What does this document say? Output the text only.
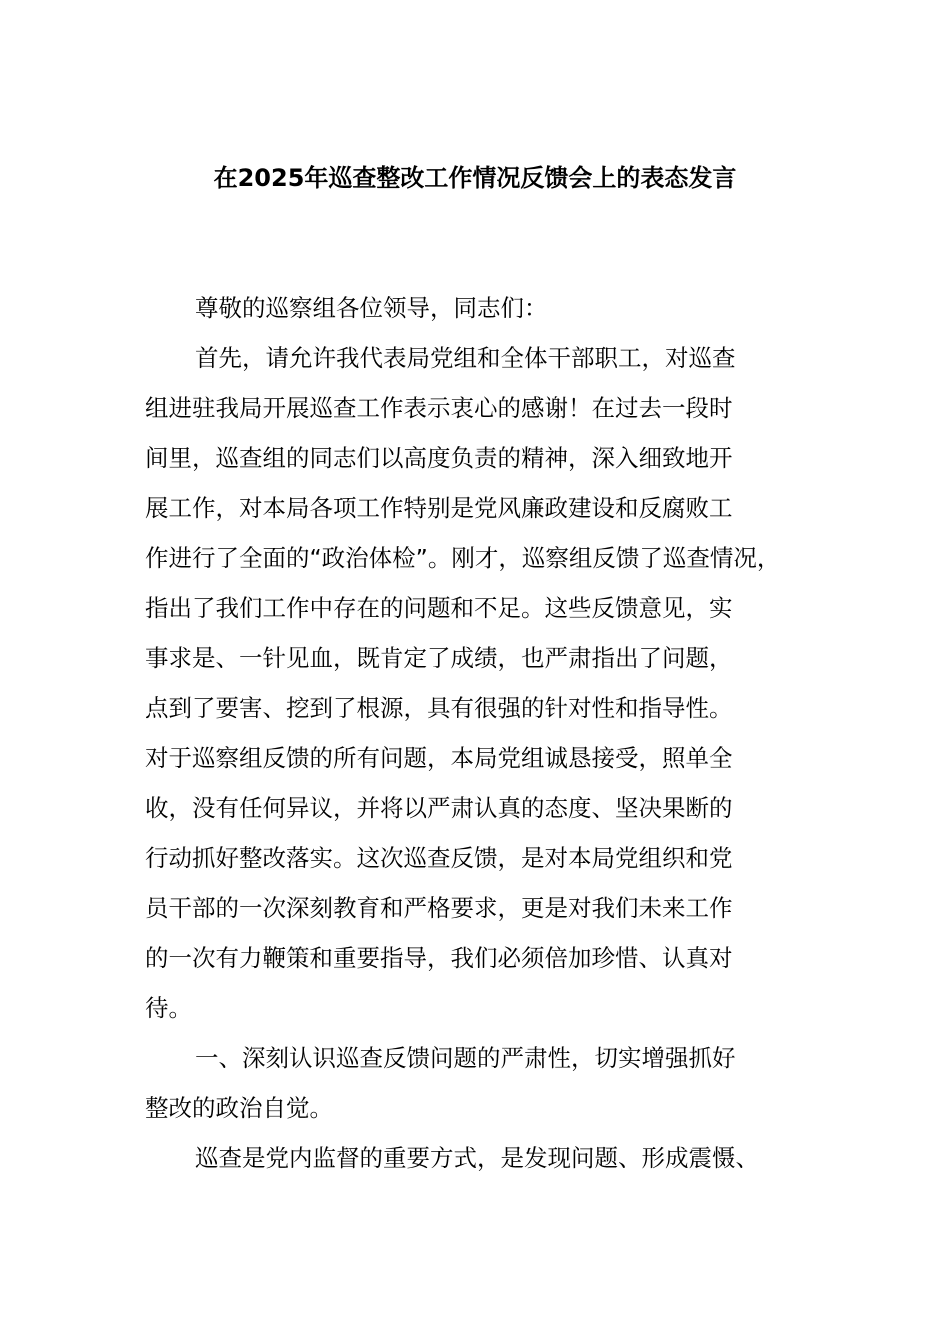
在2025年巡查整改工作情况反馈会上的表态发言

尊敬的巡察组各位领导，同志们：

首先，请允许我代表局党组和全体干部职工，对巡查

组进驻我局开展巡查工作表示衷心的感谢！在过去一段时

间里，巡查组的同志们以高度负责的精神，深入细致地开

展工作，对本局各项工作特别是党风廉政建设和反腐败工

作进行了全面的“政治体检”。刚才，巡察组反馈了巡查情况，

指出了我们工作中存在的问题和不足。这些反馈意见，实

事求是、一针见血，既肯定了成绩，也严肃指出了问题，

点到了要害、挖到了根源，具有很强的针对性和指导性。

对于巡察组反馈的所有问题，本局党组诚恳接受，照单全

收，没有任何异议，并将以严肃认真的态度、坚决果断的

行动抓好整改落实。这次巡查反馈，是对本局党组织和党

员干部的一次深刻教育和严格要求，更是对我们未来工作

的一次有力鞭策和重要指导，我们必须倍加珍惜、认真对

待。

一、深刻认识巡查反馈问题的严肃性，切实增强抓好

整改的政治自觉。

巡查是党内监督的重要方式，是发现问题、形成震慑、
